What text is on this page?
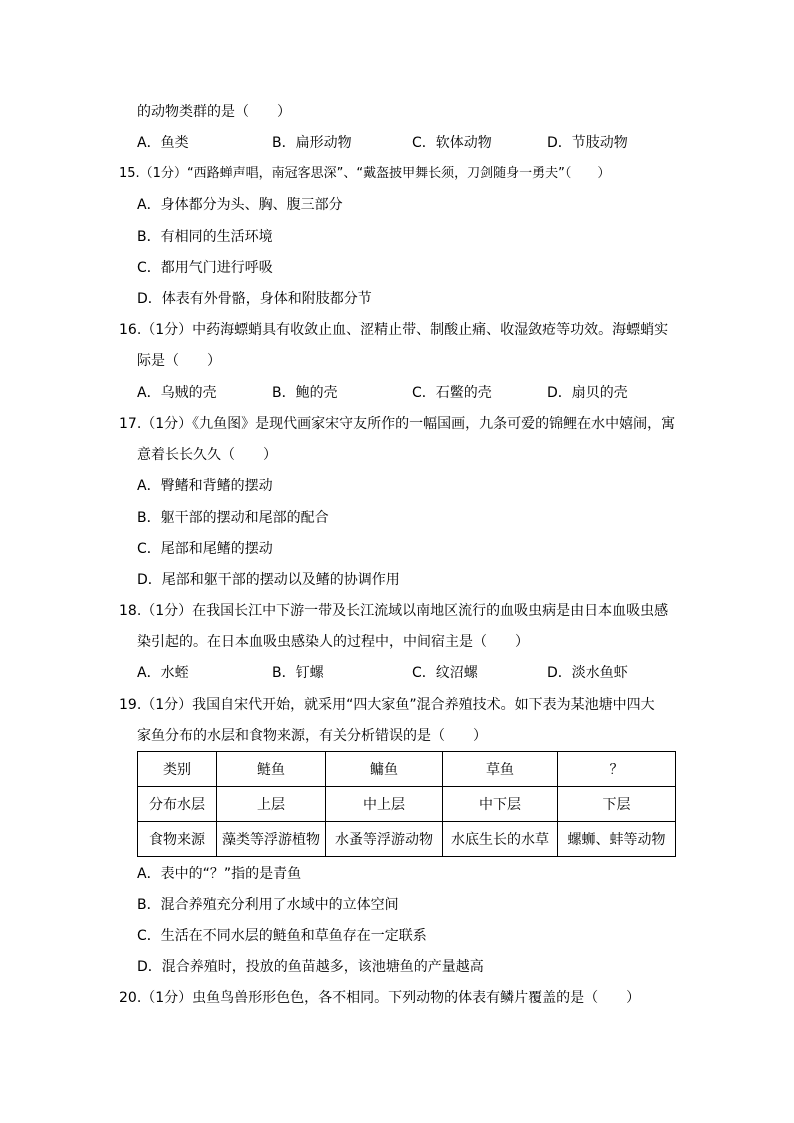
的动物类群的是（　　）
A．鱼类	B．扁形动物	C．软体动物	D．节肢动物
15.（1分）“西路蝉声唱，南冠客思深”、“戴盔披甲舞长须，刀剑随身一勇夫”（　　）
A．身体都分为头、胸、腹三部分
B．有相同的生活环境
C．都用气门进行呼吸
D．体表有外骨骼，身体和附肢都分节
16.（1分）中药海螵蛸具有收敛止血、涩精止带、制酸止痛、收湿敛疮等功效。海螵蛸实
际是（　　）
A．乌贼的壳	B．鲍的壳	C．石鳖的壳	D．扇贝的壳
17.（1分）《九鱼图》是现代画家宋守友所作的一幅国画，九条可爱的锦鲤在水中嬉闹，寓
意着长长久久（　　）
A．臀鳍和背鳍的摆动
B．躯干部的摆动和尾部的配合
C．尾部和尾鳍的摆动
D．尾部和躯干部的摆动以及鳍的协调作用
18.（1分）在我国长江中下游一带及长江流域以南地区流行的血吸虫病是由日本血吸虫感
染引起的。在日本血吸虫感染人的过程中，中间宿主是（　　）
A．水蛭	B．钉螺	C．纹沼螺	D．淡水鱼虾
19.（1分）我国自宋代开始，就采用“四大家鱼”混合养殖技术。如下表为某池塘中四大
家鱼分布的水层和食物来源，有关分析错误的是（　　）
类别	鲢鱼	鳙鱼	草鱼	？
分布水层	上层	中上层	中下层	下层
食物来源	藻类等浮游植物	水蚤等浮游动物	水底生长的水草	螺蛳、蚌等动物
A．表中的“？”指的是青鱼
B．混合养殖充分利用了水域中的立体空间
C．生活在不同水层的鲢鱼和草鱼存在一定联系
D．混合养殖时，投放的鱼苗越多，该池塘鱼的产量越高
20.（1分）虫鱼鸟兽形形色色，各不相同。下列动物的体表有鳞片覆盖的是（　　）
